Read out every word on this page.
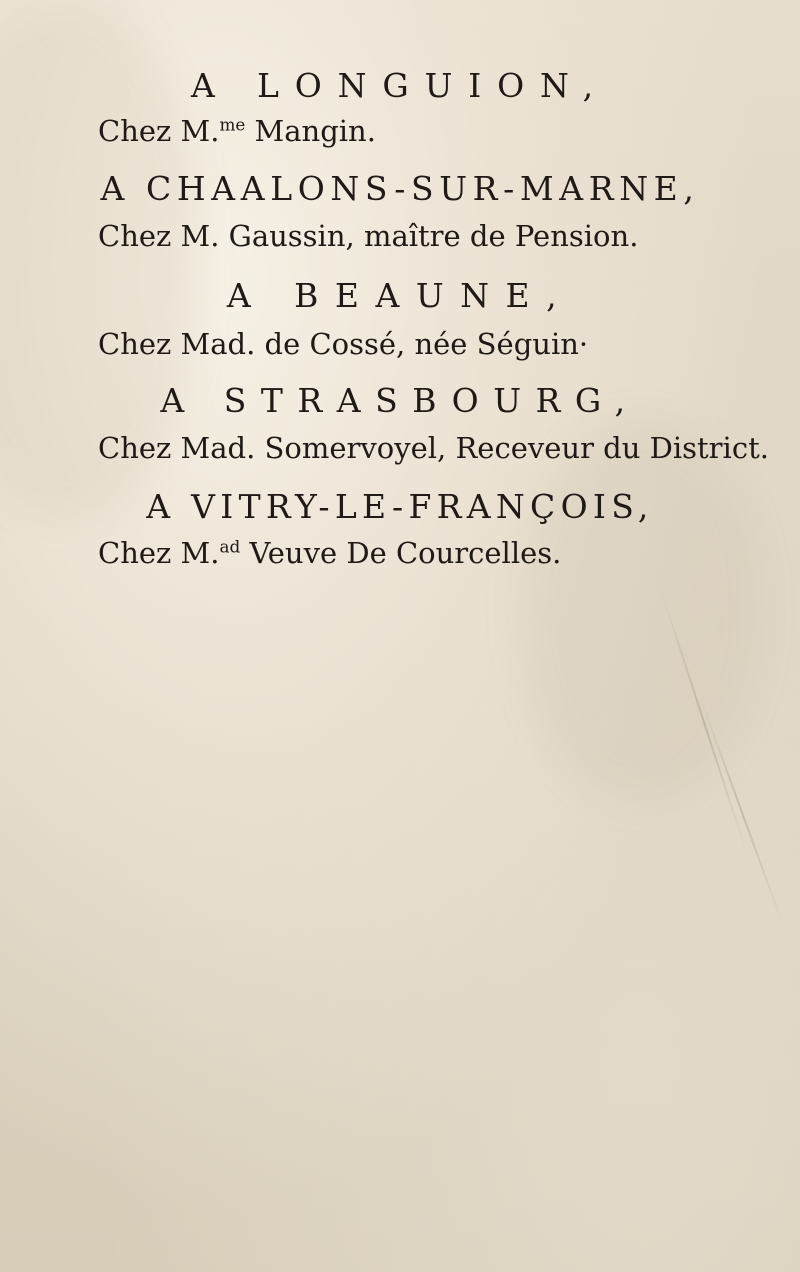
A LONGUION,
Chez M.$^{me}$ Mangin.
A CHAALONS-SUR-MARNE,
Chez M. Gaussin, maître de Pension.
A BEAUNE,
Chez Mad. de Cossé, née Séguin·
A STRASBOURG,
Chez Mad. Somervoyel, Receveur du District.
A VITRY-LE-FRANÇOIS,
Chez M.$^{ad}$ Veuve De Courcelles.
